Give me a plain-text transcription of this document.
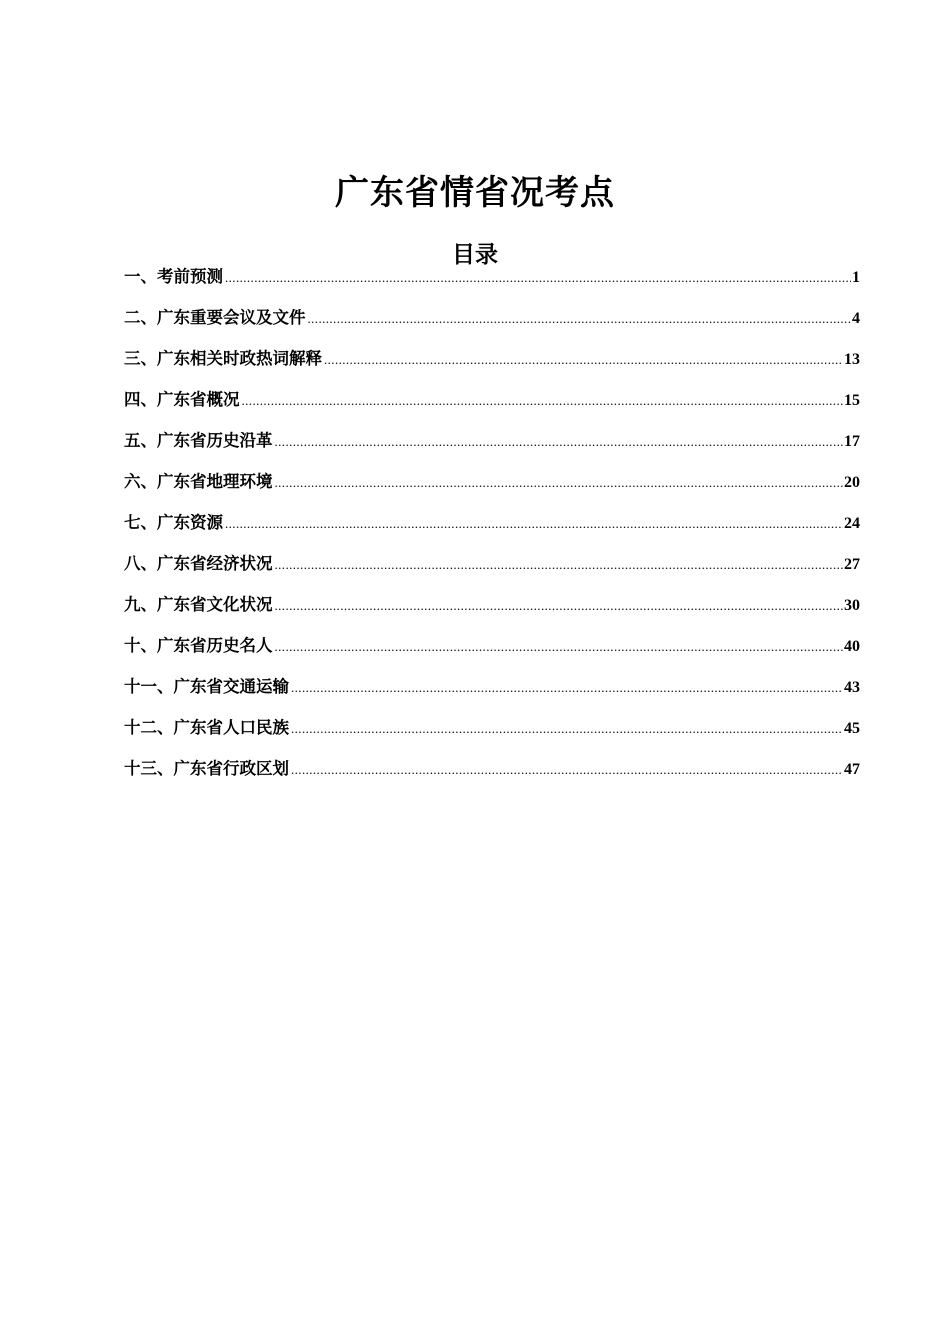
广东省情省况考点
目录
一、考前预测 .....	1
二、广东重要会议及文件 .....	4
三、广东相关时政热词解释 .....	13
四、广东省概况 .....	15
五、广东省历史沿革 .....	17
六、广东省地理环境 .....	20
七、广东资源 .....	24
八、广东省经济状况 .....	27
九、广东省文化状况 .....	30
十、广东省历史名人 .....	40
十一、广东省交通运输 .....	43
十二、广东省人口民族 .....	45
十三、广东省行政区划 .....	47
